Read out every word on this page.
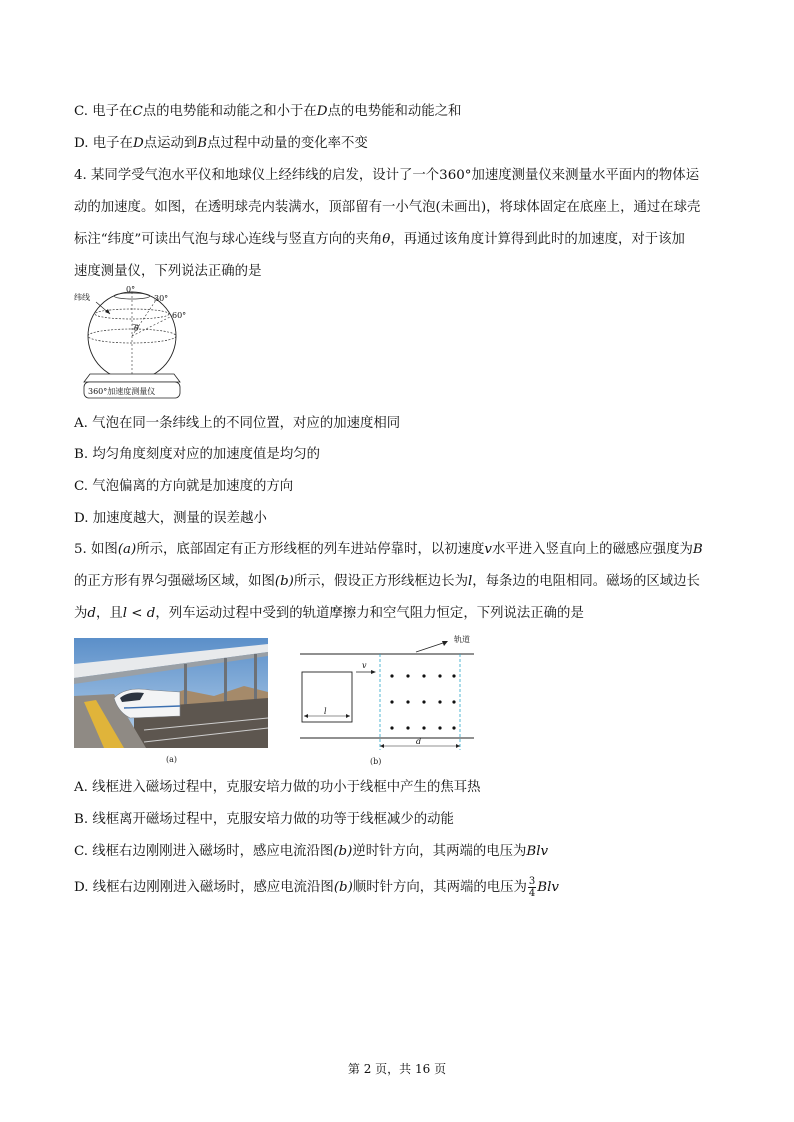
C. 电子在C点的电势能和动能之和小于在D点的电势能和动能之和
D. 电子在D点运动到B点过程中动量的变化率不变
4. 某同学受气泡水平仪和地球仪上经纬线的启发，设计了一个360°加速度测量仪来测量水平面内的物体运
动的加速度。如图，在透明球壳内装满水，顶部留有一小气泡(未画出)，将球体固定在底座上，通过在球壳
标注“纬度”可读出气泡与球心连线与竖直方向的夹角θ，再通过该角度计算得到此时的加速度，对于该加
速度测量仪，下列说法正确的是
纬线
0°
30°
60°
θ
360°加速度测量仪
A. 气泡在同一条纬线上的不同位置，对应的加速度相同
B. 均匀角度刻度对应的加速度值是均匀的
C. 气泡偏离的方向就是加速度的方向
D. 加速度越大，测量的误差越小
5. 如图(a)所示，底部固定有正方形线框的列车进站停靠时，以初速度v水平进入竖直向上的磁感应强度为B
的正方形有界匀强磁场区域，如图(b)所示，假设正方形线框边长为l，每条边的电阻相同。磁场的区域边长
为d，且l < d，列车运动过程中受到的轨道摩擦力和空气阻力恒定，下列说法正确的是
(a)
轨道
v
l
d
(b)
A. 线框进入磁场过程中，克服安培力做的功小于线框中产生的焦耳热
B. 线框离开磁场过程中，克服安培力做的功等于线框减少的动能
C. 线框右边刚刚进入磁场时，感应电流沿图(b)逆时针方向，其两端的电压为Blv
D. 线框右边刚刚进入磁场时，感应电流沿图(b)顺时针方向，其两端的电压为 $\frac{3}{4}$ Blv
第 2 页，共 16 页
